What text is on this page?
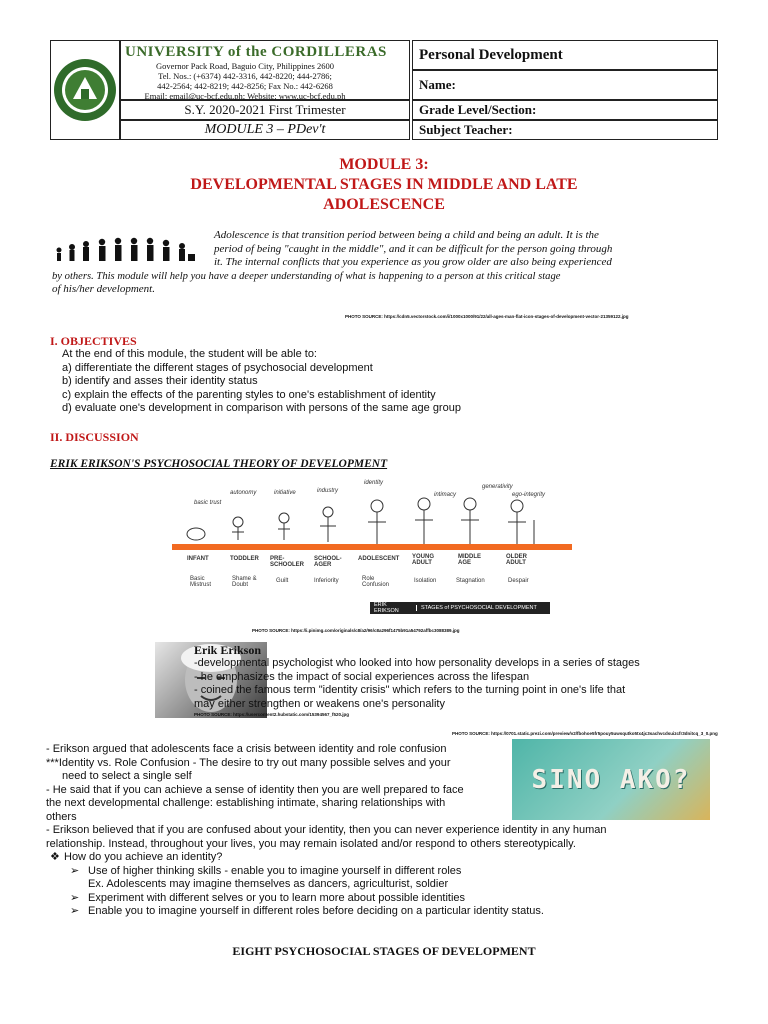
UNIVERSITY of the CORDILLERAS
Governor Pack Road, Baguio City, Philippines 2600
Tel. Nos.: (+6374) 442-3316, 442-8220; 444-2786;
442-2564; 442-8219; 442-8256; Fax No.: 442-6268
Email: email@uc-bcf.edu.ph; Website: www.uc-bcf.edu.ph
S.Y. 2020-2021 First Trimester
MODULE 3 – PDev't
Personal Development
Name:
Grade Level/Section:
Subject Teacher:
MODULE 3:
DEVELOPMENTAL STAGES IN MIDDLE AND LATE
ADOLESCENCE
Adolescence is that transition period between being a child and being an adult. It is the
period of being "caught in the middle", and it can be difficult for the person going through
it. The internal conflicts that you experience as you grow older are also being experienced
by others. This module will help you have a deeper understanding of what is happening to a person at this critical stage
of his/her development.
PHOTO SOURCE: https://cdn5.vectorstock.com/i/1000x1000/91/22/all-ages-man-flat-icon-stages-of-development-vector-21359122.jpg
I. OBJECTIVES
At the end of this module, the student will be able to:
a) differentiate the different stages of psychosocial development
b) identify and asses their identity status
c) explain the effects of the parenting styles to one's establishment of identity
d) evaluate one's development in comparison with persons of the same age group
II. DISCUSSION
ERIK ERIKSON'S PSYCHOSOCIAL THEORY OF DEVELOPMENT
basic trust
autonomy	initiative	industry
identity
intimacy
generativity
ego-integrity
INFANT	TODDLER PRE-SCHOOLER
SCHOOL-AGER
ADOLESCENT YOUNG ADULT
MIDDLE AGE
OLDER ADULT
Basic Mistrust
Shame & Doubt
Guilt	Inferiority	Role Confusion
Isolation	Stagnation	Despair
ERIK ERIKSON	STAGES of PSYCHOSOCIAL DEVELOPMENT
PHOTO SOURCE: https://i.pinimg.com/originals/c8/a2/96/c8a296f1475b91a54792affbc3088389.jpg
Erik Erikson
-developmental psychologist who looked into how personality develops in a series of stages
- he emphasizes the impact of social experiences across the lifespan
- coined the famous term "identity crisis" which refers to the turning point in one's life that
may either strengthen or weakens one's personality
PHOTO SOURCE: https://usercontent2.hubstatic.com/15394567_f520.jpg
PHOTO SOURCE: https://0701.static.prezi.com/preview/v2/fbohoe5fr5pouy5uwsqutko5tx4jc3sachvcdsuizcfr3dnitcq_3_0.png
SINO AKO?
- Erikson argued that adolescents face a crisis between identity and role confusion
***Identity vs. Role Confusion - The desire to try out many possible selves and your
need to select a single self
- He said that if you can achieve a sense of identity then you are well prepared to face
the next developmental challenge: establishing intimate, sharing relationships with
others
- Erikson believed that if you are confused about your identity, then you can never experience identity in any human
relationship. Instead, throughout your lives, you may remain isolated and/or respond to others stereotypically.
❖ How do you achieve an identity?
➢ Use of higher thinking skills - enable you to imagine yourself in different roles
Ex. Adolescents may imagine themselves as dancers, agriculturist, soldier
➢ Experiment with different selves or you to learn more about possible identities
➢ Enable you to imagine yourself in different roles before deciding on a particular identity status.
EIGHT PSYCHOSOCIAL STAGES OF DEVELOPMENT
